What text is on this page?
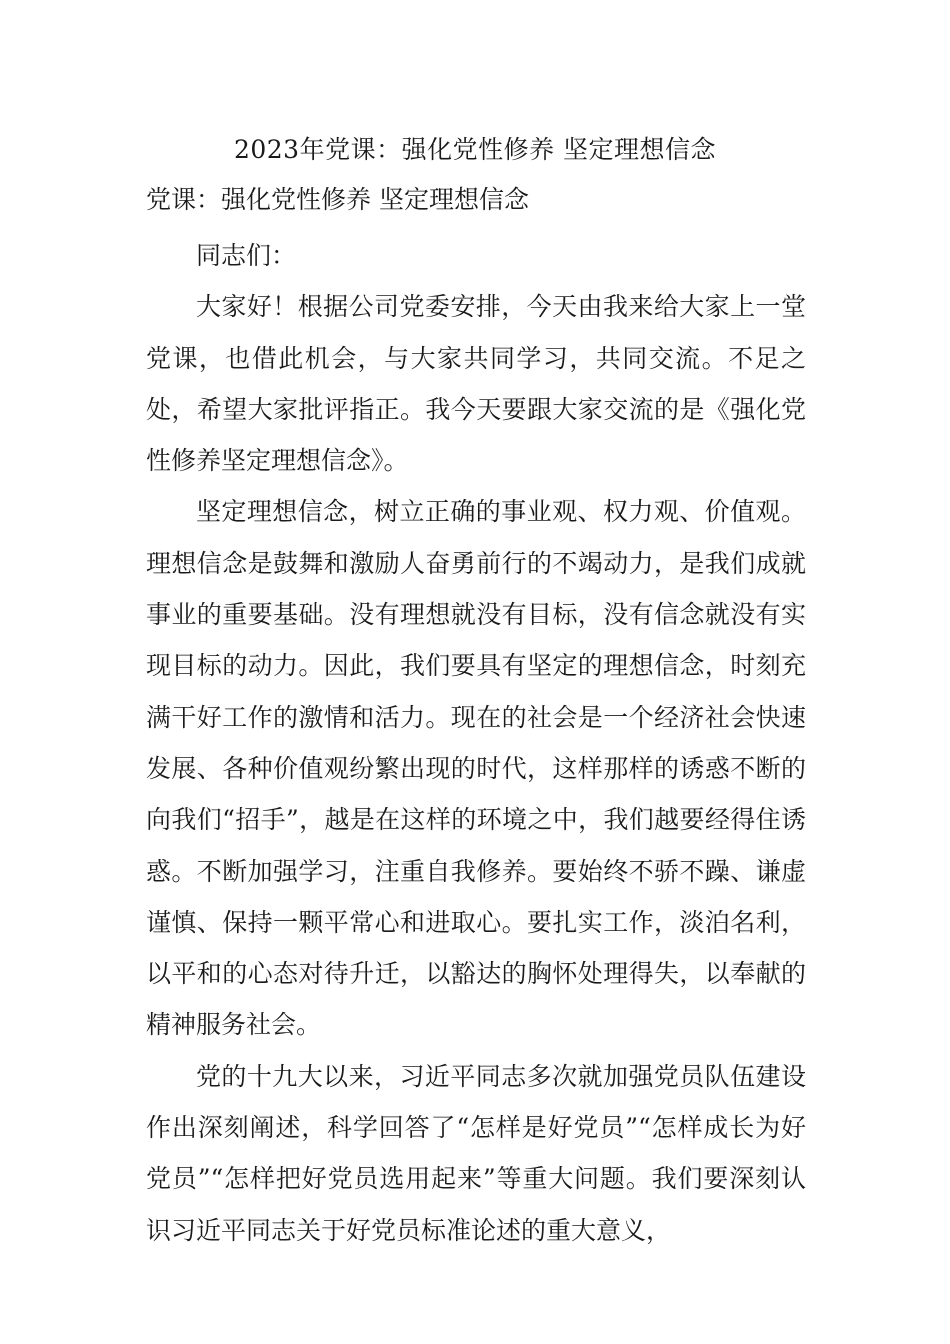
2023年党课：强化党性修养 坚定理想信念
党课：强化党性修养 坚定理想信念

同志们：

大家好！根据公司党委安排，今天由我来给大家上一堂党课，也借此机会，与大家共同学习，共同交流。不足之处，希望大家批评指正。我今天要跟大家交流的是《强化党性修养坚定理想信念》。

坚定理想信念，树立正确的事业观、权力观、价值观。理想信念是鼓舞和激励人奋勇前行的不竭动力，是我们成就事业的重要基础。没有理想就没有目标，没有信念就没有实现目标的动力。因此，我们要具有坚定的理想信念，时刻充满干好工作的激情和活力。现在的社会是一个经济社会快速发展、各种价值观纷繁出现的时代，这样那样的诱惑不断的向我们“招手”，越是在这样的环境之中，我们越要经得住诱惑。不断加强学习，注重自我修养。要始终不骄不躁、谦虚谨慎、保持一颗平常心和进取心。要扎实工作，淡泊名利，以平和的心态对待升迁，以豁达的胸怀处理得失，以奉献的精神服务社会。

党的十九大以来，习近平同志多次就加强党员队伍建设作出深刻阐述，科学回答了“怎样是好党员”“怎样成长为好党员”“怎样把好党员选用起来”等重大问题。我们要深刻认识习近平同志关于好党员标准论述的重大意义，
